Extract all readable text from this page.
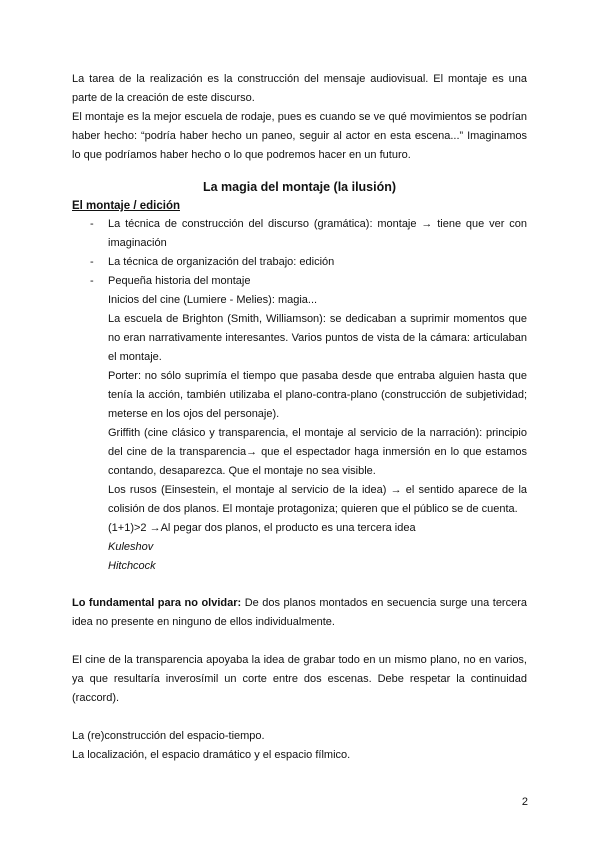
La tarea de la realización es la construcción del mensaje audiovisual. El montaje es una parte de la creación de este discurso.

El montaje es la mejor escuela de rodaje, pues es cuando se ve qué movimientos se podrían haber hecho: “podría haber hecho un paneo, seguir al actor en esta escena...” Imaginamos lo que podríamos haber hecho o lo que podremos hacer en un futuro.

La magia del montaje (la ilusión)
El montaje / edición
- La técnica de construcción del discurso (gramática): montaje → tiene que ver con imaginación
- La técnica de organización del trabajo: edición
- Pequeña historia del montaje

Inicios del cine (Lumiere - Melies): magia...

La escuela de Brighton (Smith, Williamson): se dedicaban a suprimir momentos que no eran narrativamente interesantes. Varios puntos de vista de la cámara: articulaban el montaje.

Porter: no sólo suprimía el tiempo que pasaba desde que entraba alguien hasta que tenía la acción, también utilizaba el plano-contra-plano (construcción de subjetividad; meterse en los ojos del personaje).

Griffith (cine clásico y transparencia, el montaje al servicio de la narración): principio del cine de la transparencia→ que el espectador haga inmersión en lo que estamos contando, desaparezca. Que el montaje no sea visible.

Los rusos (Einsestein, el montaje al servicio de la idea) → el sentido aparece de la colisión de dos planos. El montaje protagoniza; quieren que el público se de cuenta.

(1+1)>2 →Al pegar dos planos, el producto es una tercera idea

Kuleshov

Hitchcock

Lo fundamental para no olvidar: De dos planos montados en secuencia surge una tercera idea no presente en ninguno de ellos individualmente.

El cine de la transparencia apoyaba la idea de grabar todo en un mismo plano, no en varios, ya que resultaría inverosímil un corte entre dos escenas. Debe respetar la continuidad (raccord).

La (re)construcción del espacio-tiempo.

La localización, el espacio dramático y el espacio fílmico.

2
